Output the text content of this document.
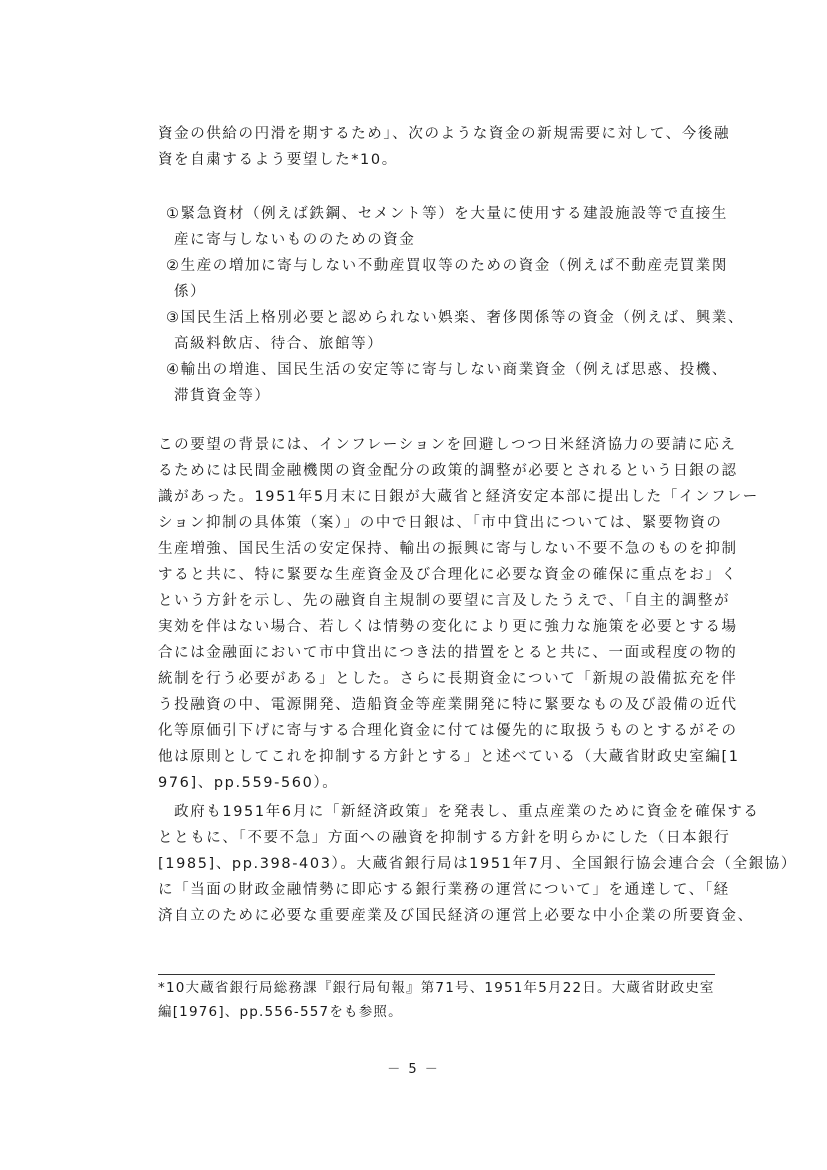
資金の供給の円滑を期するため」、次のような資金の新規需要に対して、今後融
資を自粛するよう要望した*10。
①緊急資材（例えば鉄鋼、セメント等）を大量に使用する建設施設等で直接生
産に寄与しないもののための資金
②生産の増加に寄与しない不動産買収等のための資金（例えば不動産売買業関
係）
③国民生活上格別必要と認められない娯楽、奢侈関係等の資金（例えば、興業、
高級料飲店、待合、旅館等）
④輸出の増進、国民生活の安定等に寄与しない商業資金（例えば思惑、投機、
滞貨資金等）
この要望の背景には、インフレーションを回避しつつ日米経済協力の要請に応え
るためには民間金融機関の資金配分の政策的調整が必要とされるという日銀の認
識があった。1951年5月末に日銀が大蔵省と経済安定本部に提出した「インフレー
ション抑制の具体策（案）」の中で日銀は、「市中貸出については、緊要物資の
生産増強、国民生活の安定保持、輸出の振興に寄与しない不要不急のものを抑制
すると共に、特に緊要な生産資金及び合理化に必要な資金の確保に重点をお」く
という方針を示し、先の融資自主規制の要望に言及したうえで、「自主的調整が
実効を伴はない場合、若しくは情勢の変化により更に強力な施策を必要とする場
合には金融面において市中貸出につき法的措置をとると共に、一面或程度の物的
統制を行う必要がある」とした。さらに長期資金について「新規の設備拡充を伴
う投融資の中、電源開発、造船資金等産業開発に特に緊要なもの及び設備の近代
化等原価引下げに寄与する合理化資金に付ては優先的に取扱うものとするがその
他は原則としてこれを抑制する方針とする」と述べている（大蔵省財政史室編[1
976]、pp.559-560）。
　政府も1951年6月に「新経済政策」を発表し、重点産業のために資金を確保する
とともに、「不要不急」方面への融資を抑制する方針を明らかにした（日本銀行
[1985]、pp.398-403）。大蔵省銀行局は1951年7月、全国銀行協会連合会（全銀協）
に「当面の財政金融情勢に即応する銀行業務の運営について」を通達して、「経
済自立のために必要な重要産業及び国民経済の運営上必要な中小企業の所要資金、
*10大蔵省銀行局総務課『銀行局旬報』第71号、1951年5月22日。大蔵省財政史室
編[1976]、pp.556-557をも参照。
－ 5 －
